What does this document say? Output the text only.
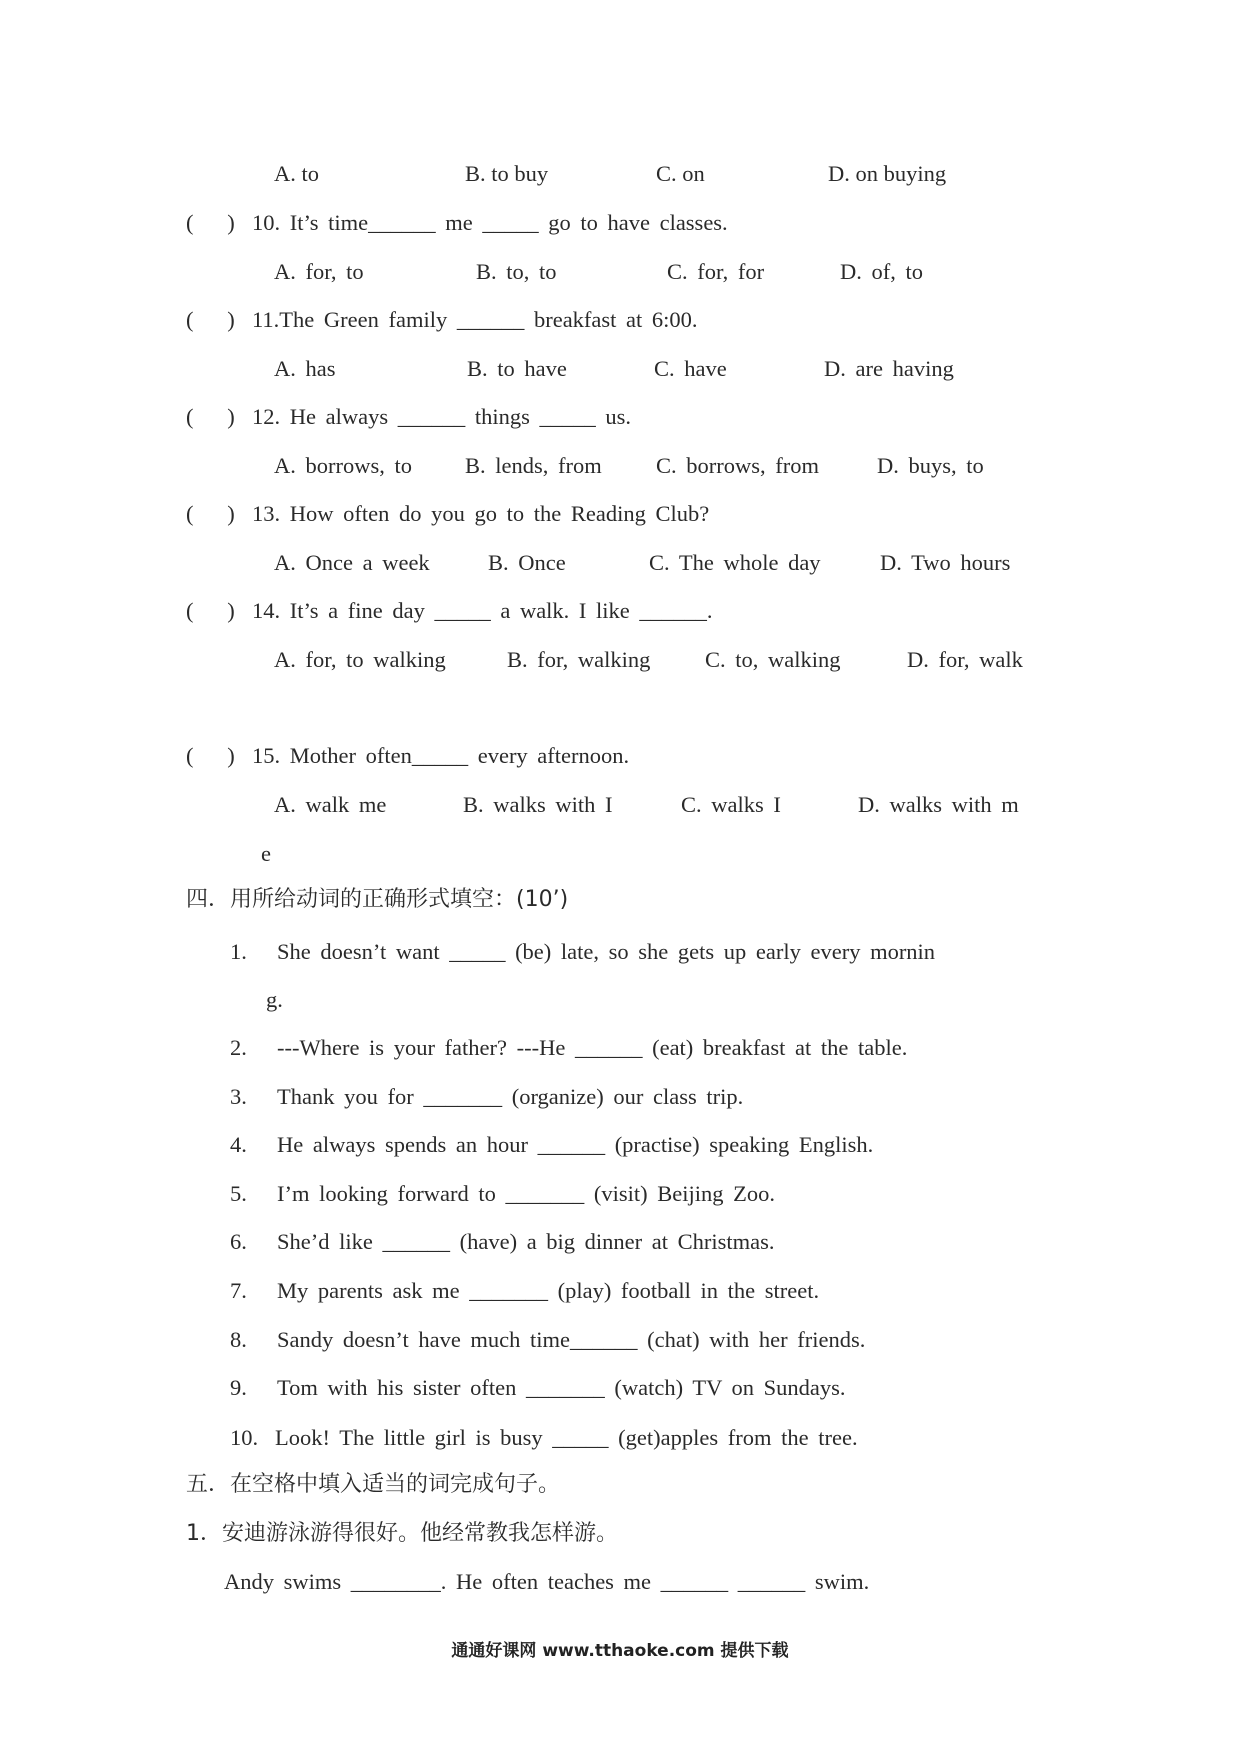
A. to	B. to buy	C. on	D. on buying
(      ) 10. It’s time______ me _____ go to have classes.
A. for, to	B. to, to	C. for, for	D. of, to
(      ) 11.The Green family ______ breakfast at 6:00.
A. has	B. to have	C. have	D. are having
(      ) 12. He always ______ things _____ us.
A. borrows, to B. lends, from C. borrows, from	D. buys, to
(      ) 13. How often do you go to the Reading Club?
A. Once a week	B. Once	C. The whole day	D. Two hours
(      ) 14. It’s a fine day _____ a walk. I like ______.
A. for, to walking	B. for, walking C. to, walking	D. for, walk
(      ) 15. Mother often_____ every afternoon.
A. walk me	B. walks with I	C. walks I	D. walks with m
e
四．用所给动词的正确形式填空：(10’)
1. She doesn’t want _____ (be) late, so she gets up early every mornin
g.
2. ---Where is your father? ---He ______ (eat) breakfast at the table.
3. Thank you for _______ (organize) our class trip.
4. He always spends an hour ______ (practise) speaking English.
5. I’m looking forward to _______ (visit) Beijing Zoo.
6. She’d like ______ (have) a big dinner at Christmas.
7. My parents ask me _______ (play) football in the street.
8. Sandy doesn’t have much time______ (chat) with her friends.
9. Tom with his sister often _______ (watch) TV on Sundays.
10. Look! The little girl is busy _____ (get)apples from the tree.
五．在空格中填入适当的词完成句子。
1．安迪游泳游得很好。他经常教我怎样游。
Andy swims ________. He often teaches me ______ ______ swim.
通通好课网 www.tthaoke.com 提供下载
